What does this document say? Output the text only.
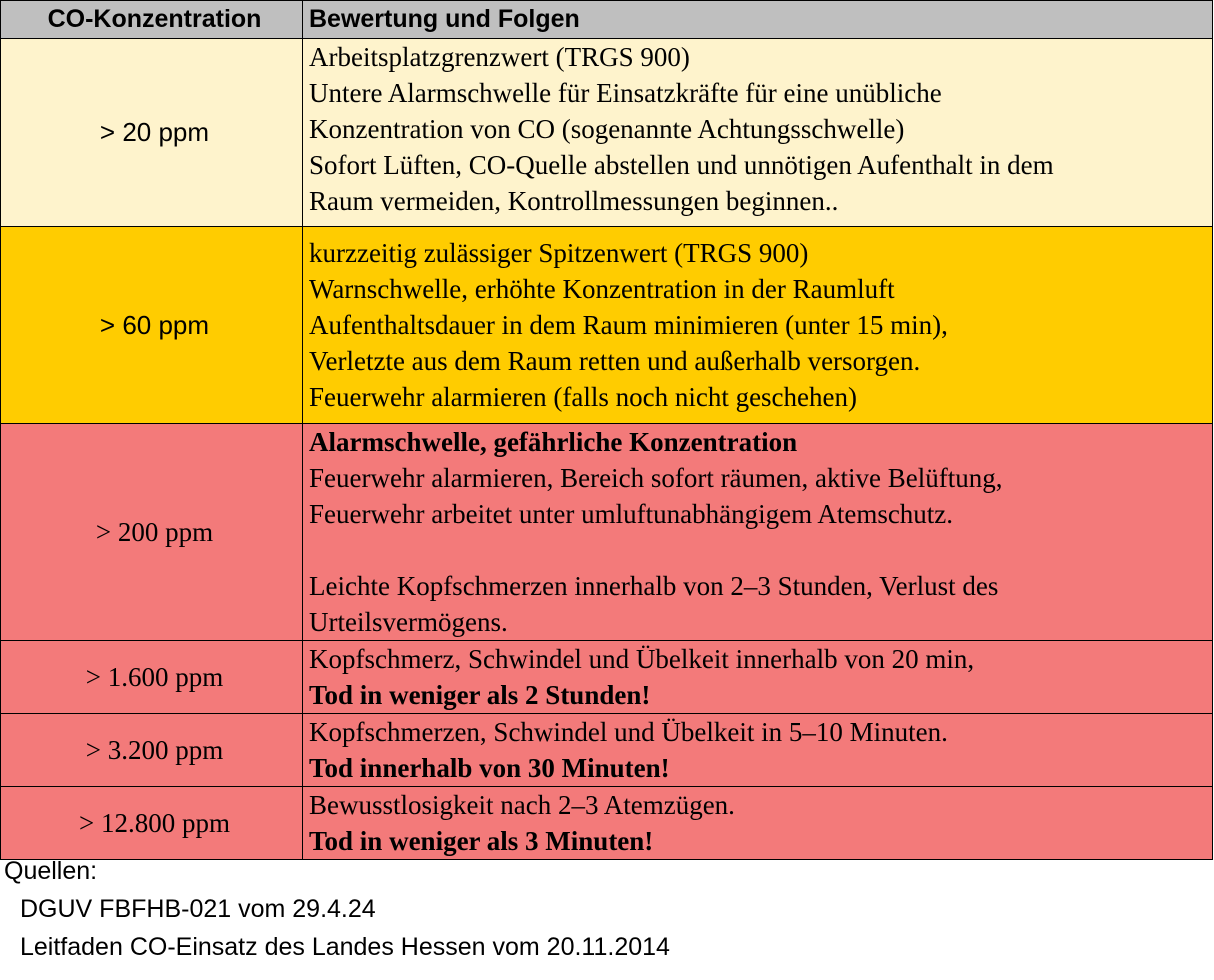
CO-Konzentration	Bewertung und Folgen
> 20 ppm	Arbeitsplatzgrenzwert (TRGS 900)
Untere Alarmschwelle für Einsatzkräfte für eine unübliche
Konzentration von CO (sogenannte Achtungsschwelle)
Sofort Lüften, CO-Quelle abstellen und unnötigen Aufenthalt in dem
Raum vermeiden, Kontrollmessungen beginnen..

> 60 ppm	kurzzeitig zulässiger Spitzenwert (TRGS 900)
Warnschwelle, erhöhte Konzentration in der Raumluft
Aufenthaltsdauer in dem Raum minimieren (unter 15 min),
Verletzte aus dem Raum retten und außerhalb versorgen.
Feuerwehr alarmieren (falls noch nicht geschehen)

> 200 ppm	Alarmschwelle, gefährliche Konzentration
Feuerwehr alarmieren, Bereich sofort räumen, aktive Belüftung,
Feuerwehr arbeitet unter umluftunabhängigem Atemschutz.
Leichte Kopfschmerzen innerhalb von 2–3 Stunden, Verlust des
Urteilsvermögens.

> 1.600 ppm	Kopfschmerz, Schwindel und Übelkeit innerhalb von 20 min,
Tod in weniger als 2 Stunden!

> 3.200 ppm	Kopfschmerzen, Schwindel und Übelkeit in 5–10 Minuten.
Tod innerhalb von 30 Minuten!

> 12.800 ppm	Bewusstlosigkeit nach 2–3 Atemzügen.
Tod in weniger als 3 Minuten!
Quellen:
DGUV FBFHB-021 vom 29.4.24
Leitfaden CO-Einsatz des Landes Hessen vom 20.11.2014
